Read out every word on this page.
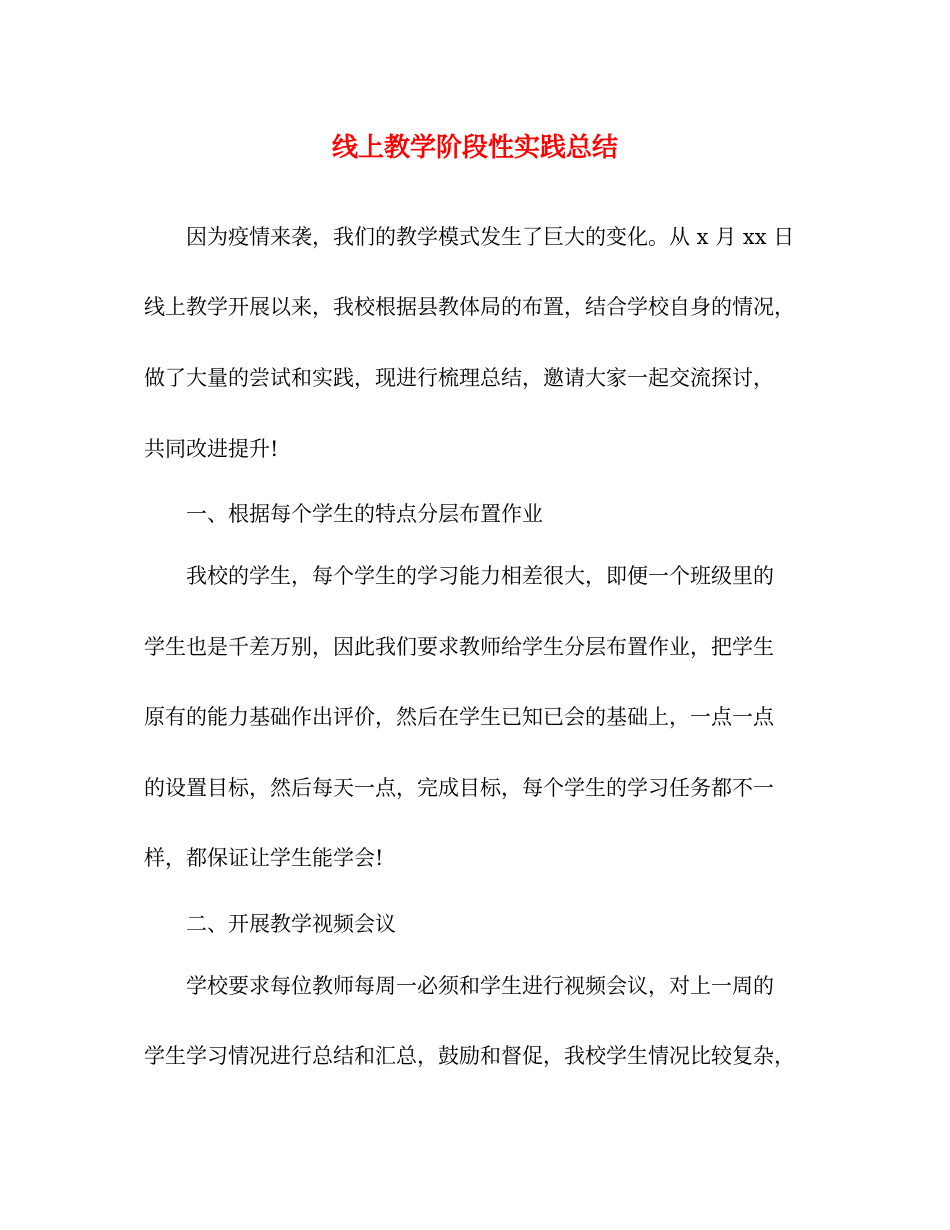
线上教学阶段性实践总结
因为疫情来袭，我们的教学模式发生了巨大的变化。从 x 月 xx 日
线上教学开展以来，我校根据县教体局的布置，结合学校自身的情况，
做了大量的尝试和实践，现进行梳理总结，邀请大家一起交流探讨，
共同改进提升!
一、根据每个学生的特点分层布置作业
我校的学生，每个学生的学习能力相差很大，即便一个班级里的
学生也是千差万别，因此我们要求教师给学生分层布置作业，把学生
原有的能力基础作出评价，然后在学生已知已会的基础上，一点一点
的设置目标，然后每天一点，完成目标，每个学生的学习任务都不一
样，都保证让学生能学会!
二、开展教学视频会议
学校要求每位教师每周一必须和学生进行视频会议，对上一周的
学生学习情况进行总结和汇总，鼓励和督促，我校学生情况比较复杂，
